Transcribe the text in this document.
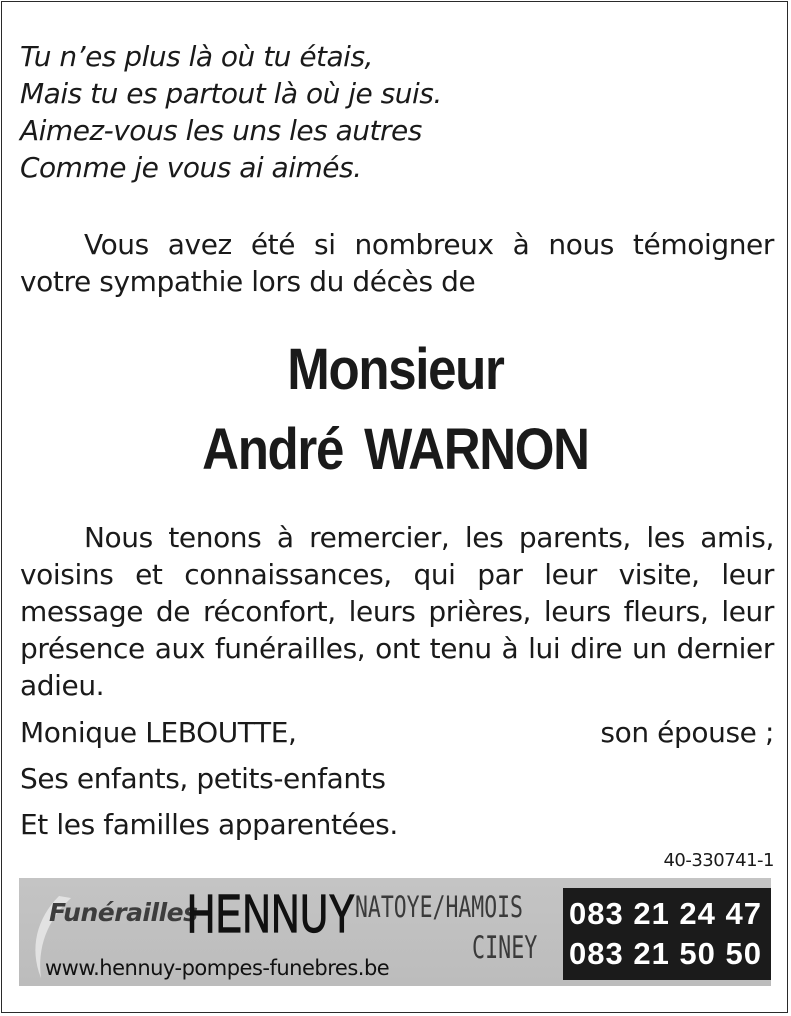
Tu n’es plus là où tu étais,
Mais tu es partout là où je suis.
Aimez-vous les uns les autres
Comme je vous ai aimés.
Vous avez été si nombreux à nous témoigner
votre sympathie lors du décès de
Monsieur
André WARNON
Nous tenons à remercier, les parents, les amis, voisins et connaissances, qui par leur visite, leur message de réconfort, leurs prières, leurs fleurs, leur présence aux funérailles, ont tenu à lui dire un dernier adieu.
Monique LEBOUTTE,	son épouse ;
Ses enfants, petits-enfants
Et les familles apparentées.
40-330741-1
Funérailles
HENNUY NATOYE/HAMOIS
CINEY
www.hennuy-pompes-funebres.be
083 21 24 47
083 21 50 50
